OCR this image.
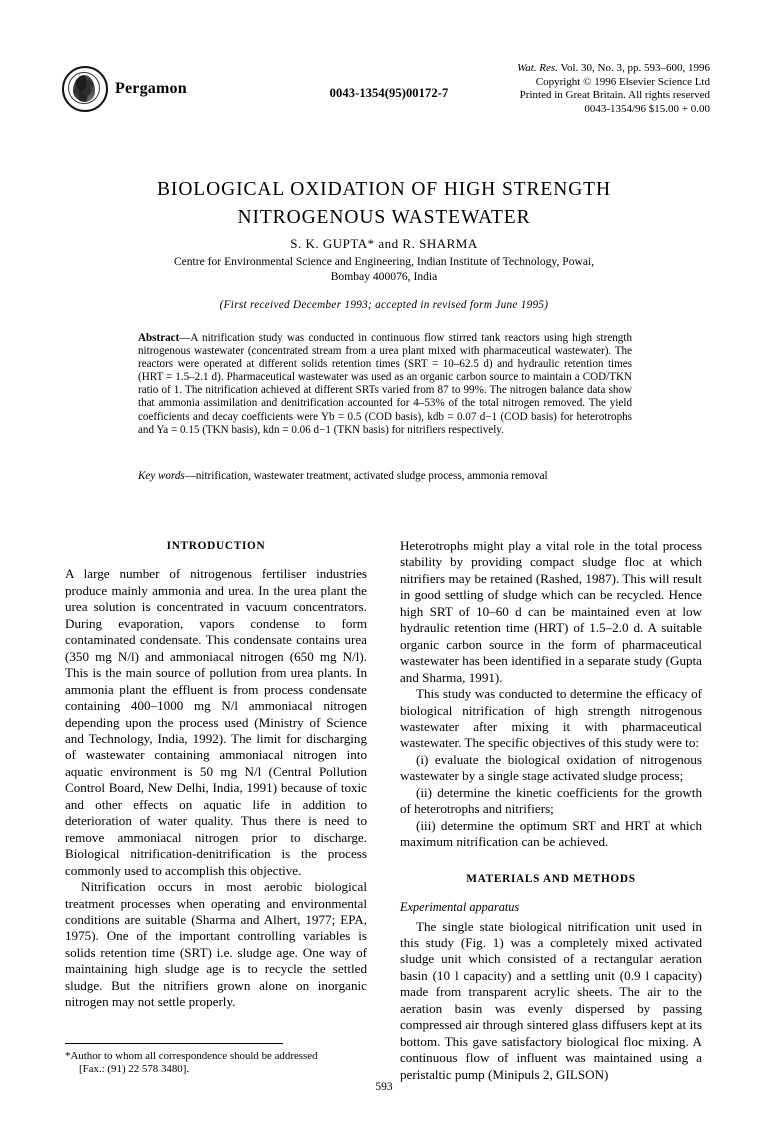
Pergamon	0043-1354(95)00172-7
Wat. Res. Vol. 30, No. 3, pp. 593–600, 1996
Copyright © 1996 Elsevier Science Ltd
Printed in Great Britain. All rights reserved
0043-1354/96 $15.00 + 0.00
BIOLOGICAL OXIDATION OF HIGH STRENGTH
NITROGENOUS WASTEWATER
S. K. GUPTA* and R. SHARMA
Centre for Environmental Science and Engineering, Indian Institute of Technology, Powai,
Bombay 400076, India
(First received December 1993; accepted in revised form June 1995)
Abstract—A nitrification study was conducted in continuous flow stirred tank reactors using high strength nitrogenous wastewater (concentrated stream from a urea plant mixed with pharmaceutical wastewater). The reactors were operated at different solids retention times (SRT = 10–62.5 d) and hydraulic retention times (HRT = 1.5–2.1 d). Pharmaceutical wastewater was used as an organic carbon source to maintain a COD/TKN ratio of 1. The nitrification achieved at different SRTs varied from 87 to 99%. The nitrogen balance data show that ammonia assimilation and denitrification accounted for 4–53% of the total nitrogen removed. The yield coefficients and decay coefficients were Yb = 0.5 (COD basis), kdb = 0.07 d−1 (COD basis) for heterotrophs and Ya = 0.15 (TKN basis), kdn = 0.06 d−1 (TKN basis) for nitrifiers respectively.
Key words—nitrification, wastewater treatment, activated sludge process, ammonia removal
INTRODUCTION

A large number of nitrogenous fertiliser industries produce mainly ammonia and urea. In the urea plant the urea solution is concentrated in vacuum concentrators. During evaporation, vapors condense to form contaminated condensate. This condensate contains urea (350 mg N/l) and ammoniacal nitrogen (650 mg N/l). This is the main source of pollution from urea plants. In ammonia plant the effluent is from process condensate containing 400–1000 mg N/l ammoniacal nitrogen depending upon the process used (Ministry of Science and Technology, India, 1992). The limit for discharging of wastewater containing ammoniacal nitrogen into aquatic environment is 50 mg N/l (Central Pollution Control Board, New Delhi, India, 1991) because of toxic and other effects on aquatic life in addition to deterioration of water quality. Thus there is need to remove ammoniacal nitrogen prior to discharge. Biological nitrification-denitrification is the process commonly used to accomplish this objective.

Nitrification occurs in most aerobic biological treatment processes when operating and environmental conditions are suitable (Sharma and Alhert, 1977; EPA, 1975). One of the important controlling variables is solids retention time (SRT) i.e. sludge age. One way of maintaining high sludge age is to recycle the settled sludge. But the nitrifiers grown alone on inorganic nitrogen may not settle properly.

Heterotrophs might play a vital role in the total process stability by providing compact sludge floc at which nitrifiers may be retained (Rashed, 1987). This will result in good settling of sludge which can be recycled. Hence high SRT of 10–60 d can be maintained even at low hydraulic retention time (HRT) of 1.5–2.0 d. A suitable organic carbon source in the form of pharmaceutical wastewater has been identified in a separate study (Gupta and Sharma, 1991).

This study was conducted to determine the efficacy of biological nitrification of high strength nitrogenous wastewater after mixing it with pharmaceutical wastewater. The specific objectives of this study were to:

(i) evaluate the biological oxidation of nitrogenous wastewater by a single stage activated sludge process;

(ii) determine the kinetic coefficients for the growth of heterotrophs and nitrifiers;

(iii) determine the optimum SRT and HRT at which maximum nitrification can be achieved.

MATERIALS AND METHODS
Experimental apparatus

The single state biological nitrification unit used in this study (Fig. 1) was a completely mixed activated sludge unit which consisted of a rectangular aeration basin (10 l capacity) and a settling unit (0.9 l capacity) made from transparent acrylic sheets. The air to the aeration basin was evenly dispersed by passing compressed air through sintered glass diffusers kept at its bottom. This gave satisfactory biological floc mixing. A continuous flow of influent was maintained using a peristaltic pump (Minipuls 2, GILSON)

*Author to whom all correspondence should be addressed
[Fax.: (91) 22 578 3480].
593
